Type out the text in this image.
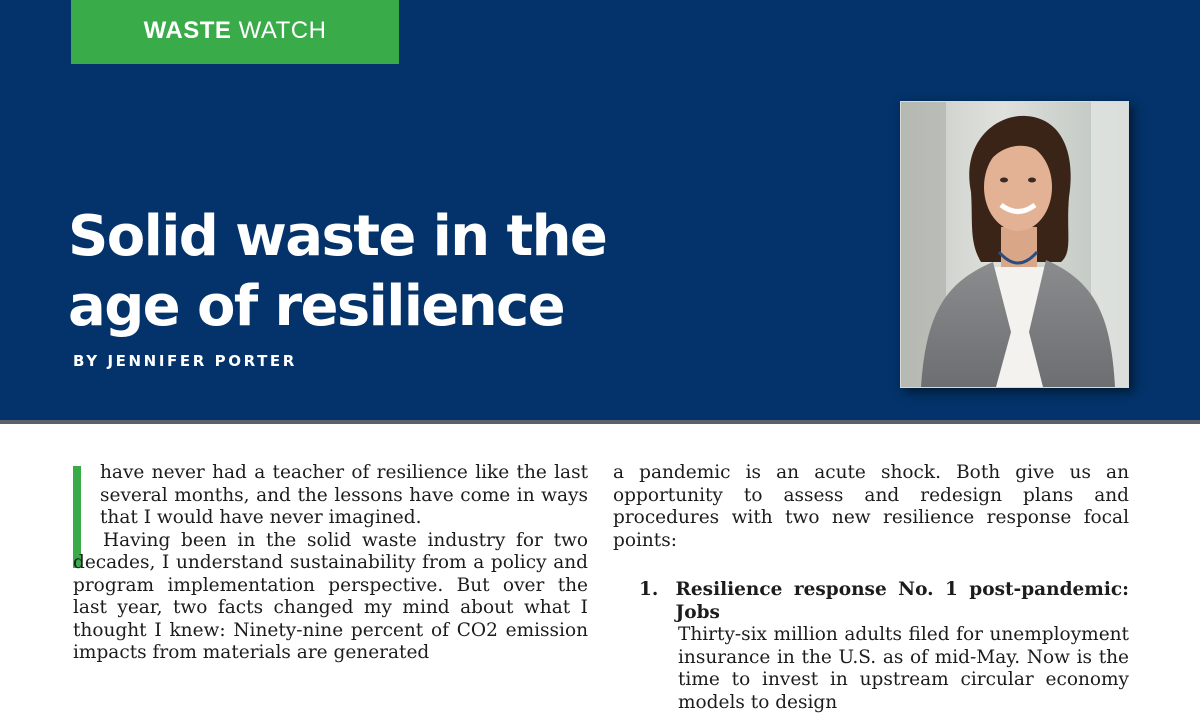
WASTE WATCH
Solid waste in the
age of resilience
BY JENNIFER PORTER

have never had a teacher of resilience like the last several months, and the lessons have come in ways that I would have never imagined.

Having been in the solid waste industry for two decades, I understand sustainability from a policy and program implementation perspective. But over the last year, two facts changed my mind about what I thought I knew: Ninety-nine percent of CO2 emission impacts from materials are generated

a pandemic is an acute shock. Both give us an opportunity to assess and redesign plans and procedures with two new resilience response focal points:

1. Resilience response No. 1 post-pandemic: Jobs

Thirty-six million adults filed for unemployment insurance in the U.S. as of mid-May. Now is the time to invest in upstream circular economy models to design
